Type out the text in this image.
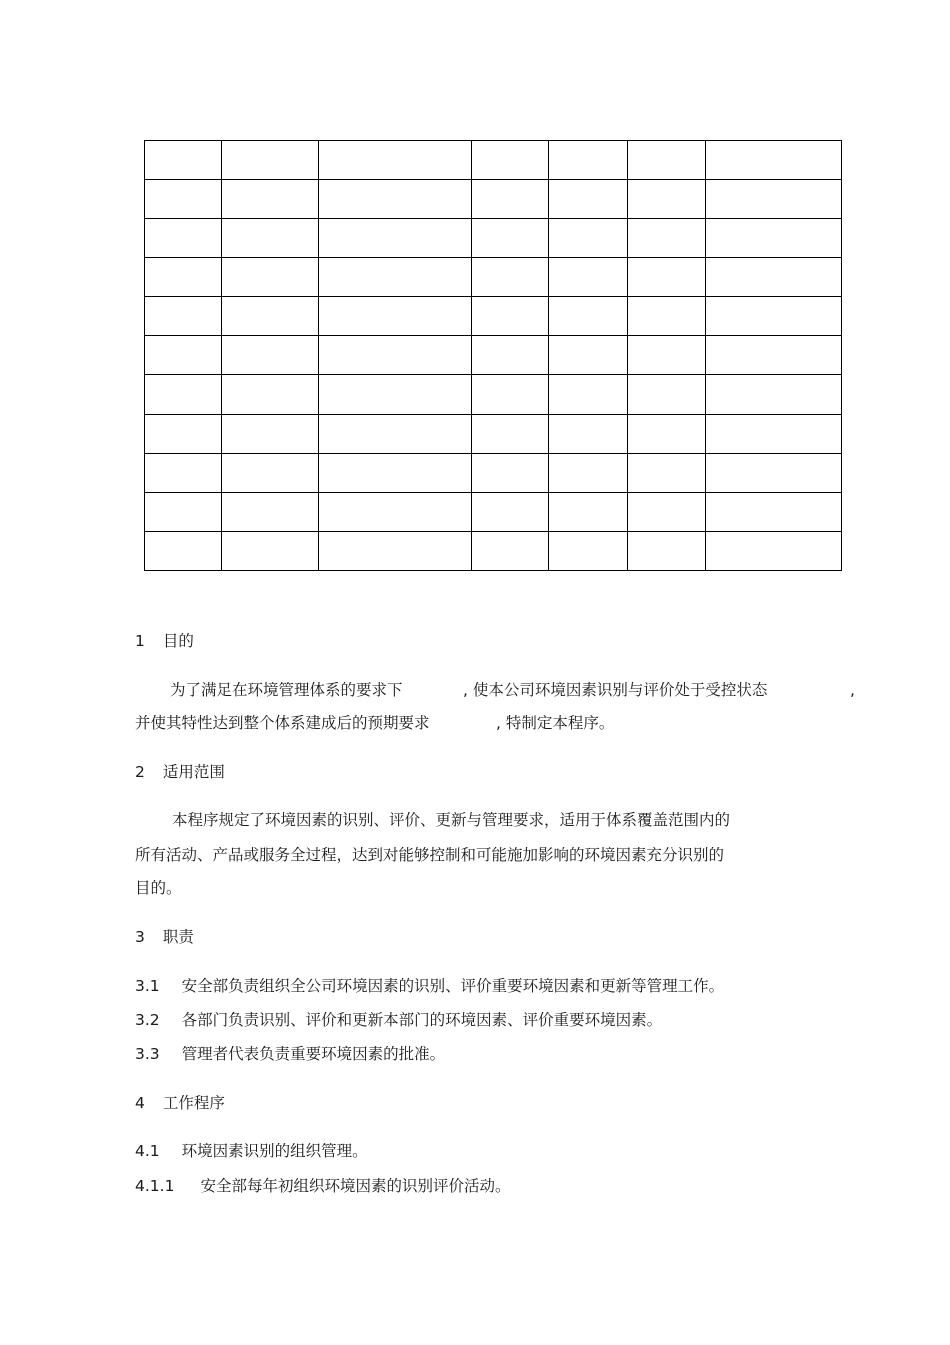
1 目的
为了满足在环境管理体系的要求下	, 使本公司环境因素识别与评价处于受控状态	,
并使其特性达到整个体系建成后的预期要求	, 特制定本程序。
2 适用范围
本程序规定了环境因素的识别、评价、更新与管理要求，适用于体系覆盖范围内的
所有活动、产品或服务全过程，达到对能够控制和可能施加影响的环境因素充分识别的
目的。
3 职责
3.1 安全部负责组织全公司环境因素的识别、评价重要环境因素和更新等管理工作。
3.2 各部门负责识别、评价和更新本部门的环境因素、评价重要环境因素。
3.3 管理者代表负责重要环境因素的批准。
4 工作程序
4.1 环境因素识别的组织管理。
4.1.1 安全部每年初组织环境因素的识别评价活动。
